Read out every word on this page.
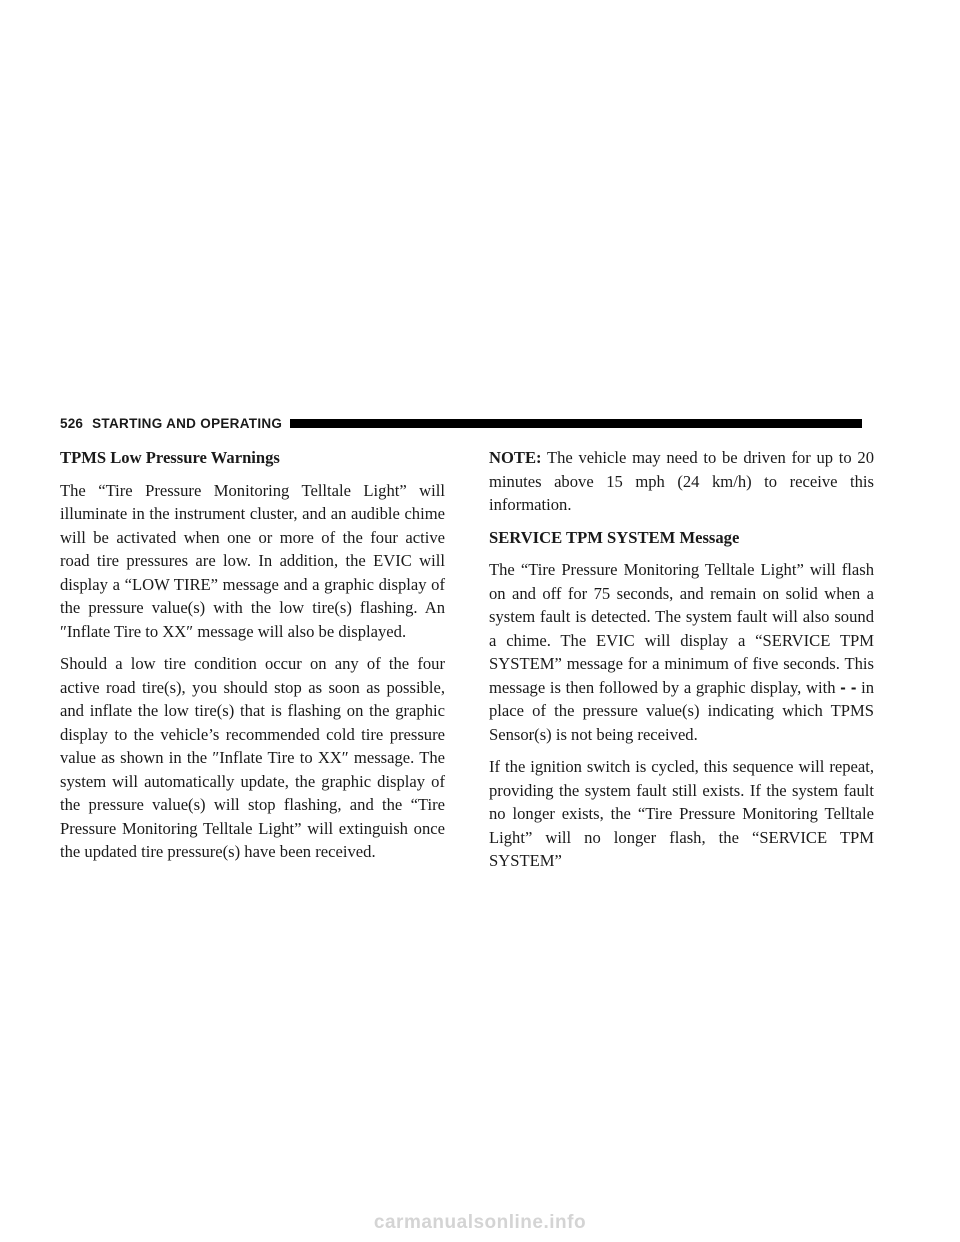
526 STARTING AND OPERATING
TPMS Low Pressure Warnings

The “Tire Pressure Monitoring Telltale Light” will illuminate in the instrument cluster, and an audible chime will be activated when one or more of the four active road tire pressures are low. In addition, the EVIC will display a “LOW TIRE” message and a graphic display of the pressure value(s) with the low tire(s) flashing. An ″Inflate Tire to XX″ message will also be displayed.

Should a low tire condition occur on any of the four active road tire(s), you should stop as soon as possible, and inflate the low tire(s) that is flashing on the graphic display to the vehicle’s recommended cold tire pressure value as shown in the ″Inflate Tire to XX″ message. The system will automatically update, the graphic display of the pressure value(s) will stop flashing, and the “Tire Pressure Monitoring Telltale Light” will extinguish once the updated tire pressure(s) have been received.

NOTE: The vehicle may need to be driven for up to 20 minutes above 15 mph (24 km/h) to receive this information.

SERVICE TPM SYSTEM Message

The “Tire Pressure Monitoring Telltale Light” will flash on and off for 75 seconds, and remain on solid when a system fault is detected. The system fault will also sound a chime. The EVIC will display a “SERVICE TPM SYSTEM” message for a minimum of five seconds. This message is then followed by a graphic display, with - - in place of the pressure value(s) indicating which TPMS Sensor(s) is not being received.

If the ignition switch is cycled, this sequence will repeat, providing the system fault still exists. If the system fault no longer exists, the “Tire Pressure Monitoring Telltale Light” will no longer flash, the “SERVICE TPM SYSTEM”

carmanualsonline.info
